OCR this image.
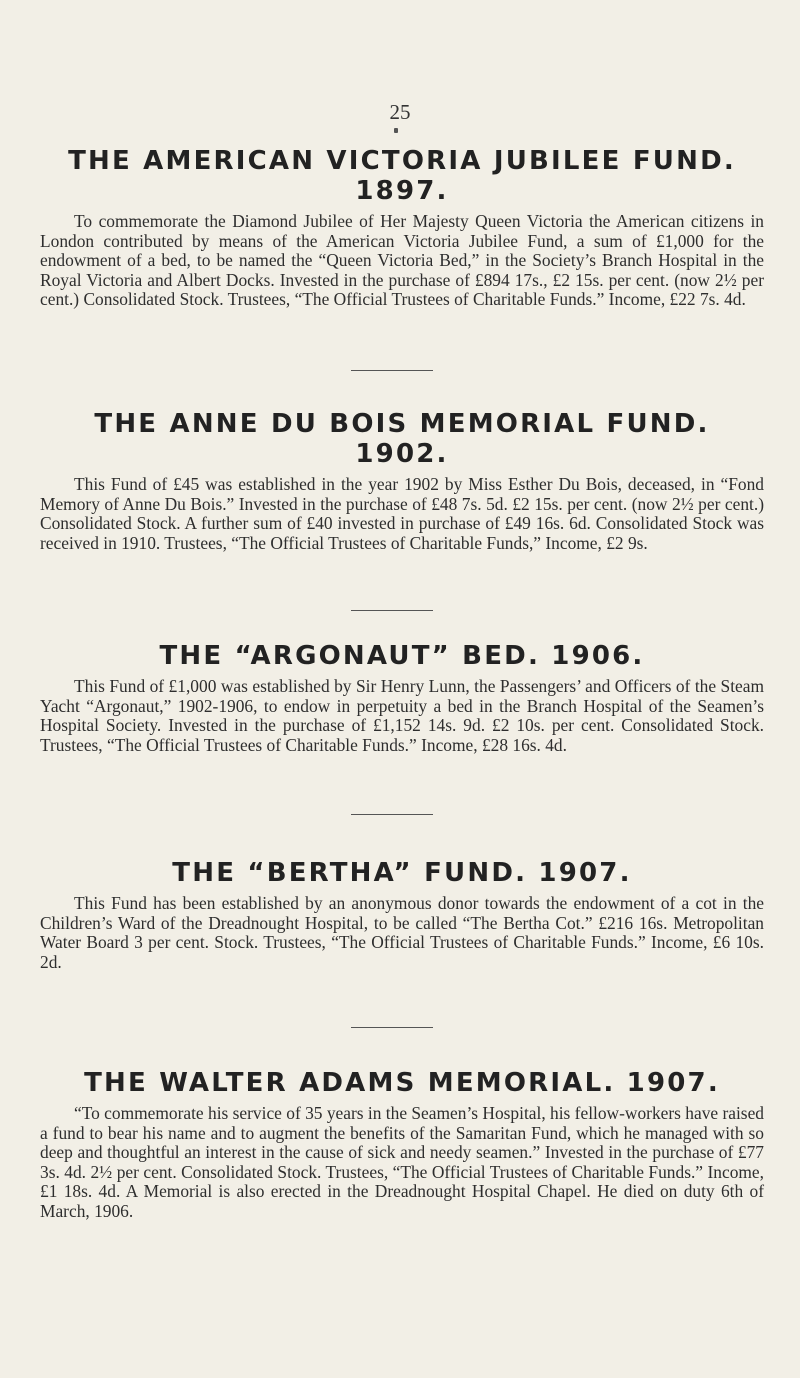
25
THE AMERICAN VICTORIA JUBILEE FUND.
1897.

To commemorate the Diamond Jubilee of Her Majesty Queen Victoria the American citizens in London contributed by means of the American Victoria Jubilee Fund, a sum of £1,000 for the endowment of a bed, to be named the “Queen Victoria Bed,” in the Society’s Branch Hospital in the Royal Victoria and Albert Docks. Invested in the purchase of £894 17s., £2 15s. per cent. (now 2½ per cent.) Consolidated Stock. Trustees, “The Official Trustees of Charitable Funds.” Income, £22 7s. 4d.

THE ANNE DU BOIS MEMORIAL FUND.
1902.

This Fund of £45 was established in the year 1902 by Miss Esther Du Bois, deceased, in “Fond Memory of Anne Du Bois.” Invested in the purchase of £48 7s. 5d. £2 15s. per cent. (now 2½ per cent.) Consolidated Stock. A further sum of £40 invested in purchase of £49 16s. 6d. Consolidated Stock was received in 1910. Trustees, “The Official Trustees of Charitable Funds,” Income, £2 9s.

THE “ARGONAUT” BED. 1906.

This Fund of £1,000 was established by Sir Henry Lunn, the Passengers’ and Officers of the Steam Yacht “Argonaut,” 1902-1906, to endow in perpetuity a bed in the Branch Hospital of the Seamen’s Hospital Society. Invested in the purchase of £1,152 14s. 9d. £2 10s. per cent. Consolidated Stock. Trustees, “The Official Trustees of Charitable Funds.” Income, £28 16s. 4d.

THE “BERTHA” FUND. 1907.

This Fund has been established by an anonymous donor towards the endowment of a cot in the Children’s Ward of the Dreadnought Hospital, to be called “The Bertha Cot.” £216 16s. Metropolitan Water Board 3 per cent. Stock. Trustees, “The Official Trustees of Charitable Funds.” Income, £6 10s. 2d.

THE WALTER ADAMS MEMORIAL. 1907.

“To commemorate his service of 35 years in the Seamen’s Hospital, his fellow-workers have raised a fund to bear his name and to augment the benefits of the Samaritan Fund, which he managed with so deep and thoughtful an interest in the cause of sick and needy seamen.” Invested in the purchase of £77 3s. 4d. 2½ per cent. Consolidated Stock. Trustees, “The Official Trustees of Charitable Funds.” Income, £1 18s. 4d. A Memorial is also erected in the Dreadnought Hospital Chapel. He died on duty 6th of March, 1906.
